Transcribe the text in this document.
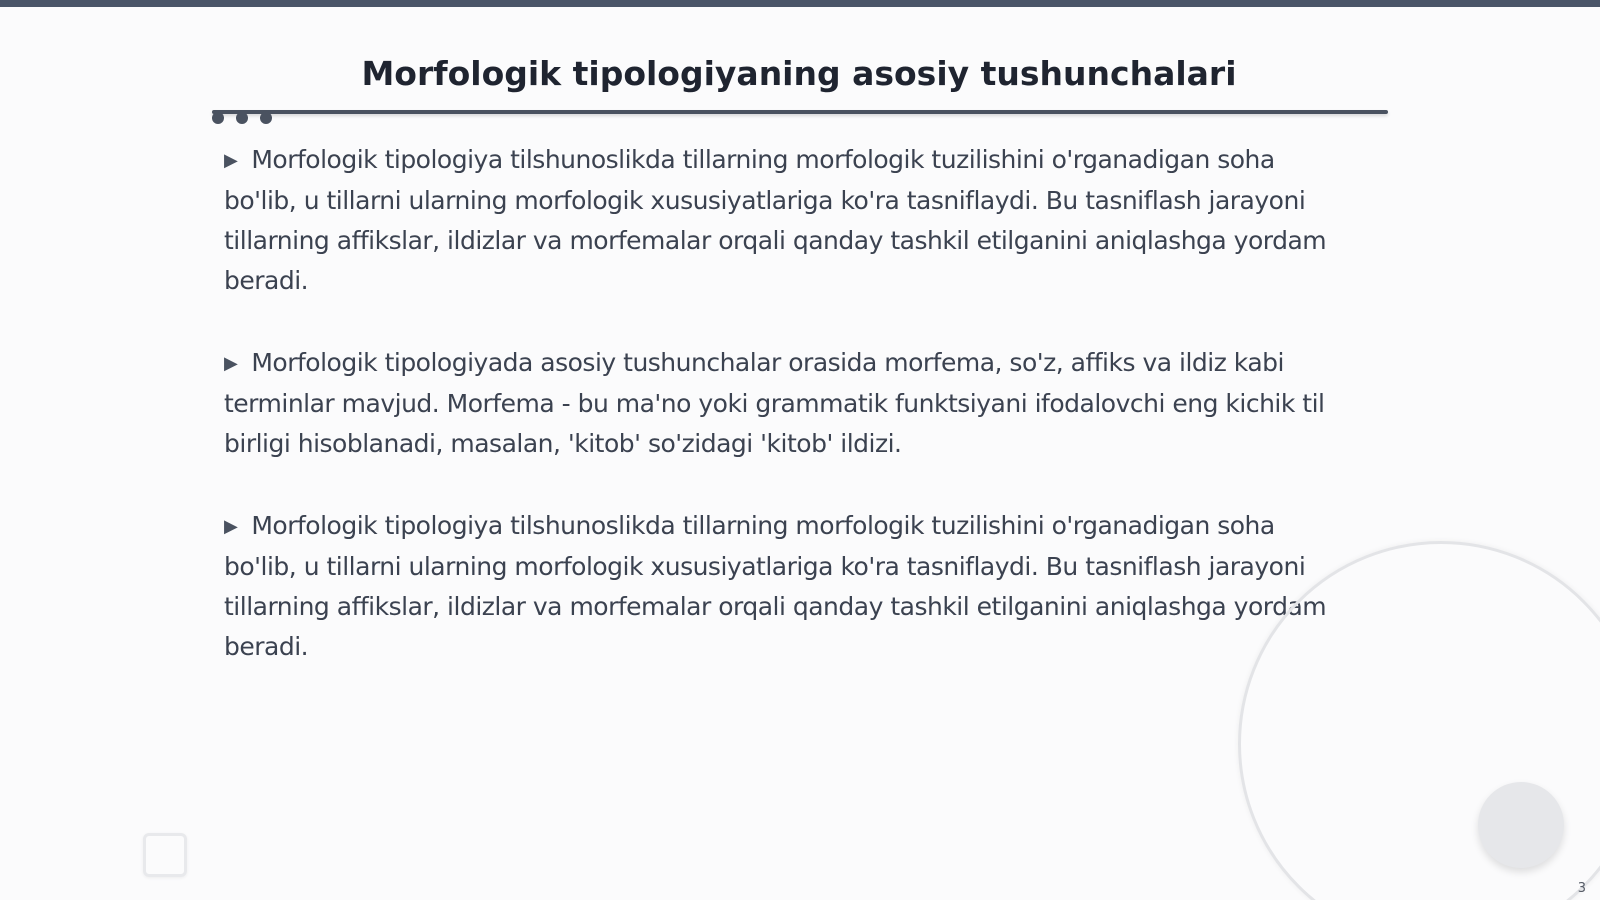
Morfologik tipologiyaning asosiy tushunchalari

▶ Morfologik tipologiya tilshunoslikda tillarning morfologik tuzilishini o'rganadigan soha bo'lib, u tillarni ularning morfologik xususiyatlariga ko'ra tasniflaydi. Bu tasniflash jarayoni tillarning affikslar, ildizlar va morfemalar orqali qanday tashkil etilganini aniqlashga yordam beradi.

▶ Morfologik tipologiyada asosiy tushunchalar orasida morfema, so'z, affiks va ildiz kabi terminlar mavjud. Morfema - bu ma'no yoki grammatik funktsiyani ifodalovchi eng kichik til birligi hisoblanadi, masalan, 'kitob' so'zidagi 'kitob' ildizi.

▶ Morfologik tipologiya tilshunoslikda tillarning morfologik tuzilishini o'rganadigan soha bo'lib, u tillarni ularning morfologik xususiyatlariga ko'ra tasniflaydi. Bu tasniflash jarayoni tillarning affikslar, ildizlar va morfemalar orqali qanday tashkil etilganini aniqlashga yordam beradi.

3
